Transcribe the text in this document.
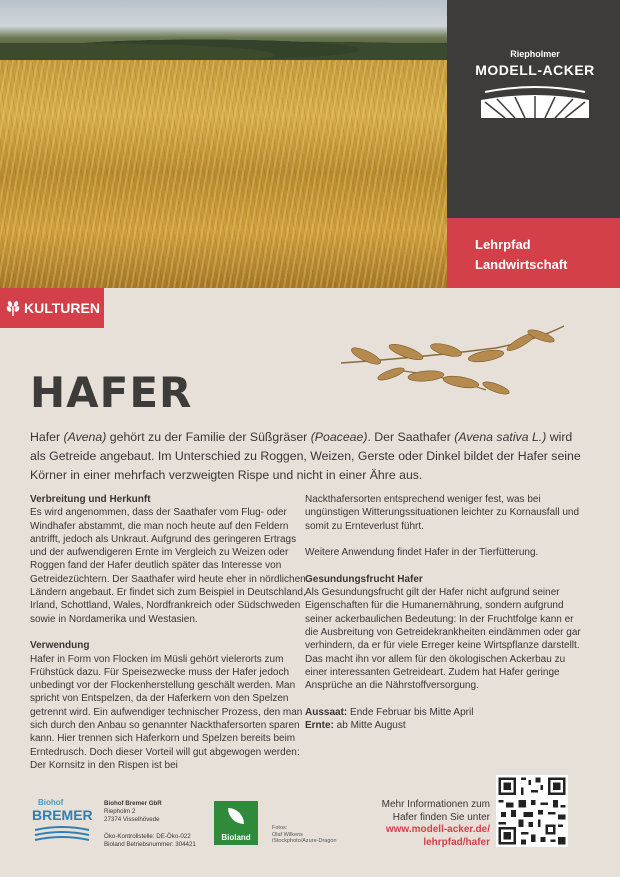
Riepholmer
MODELL-ACKER
Lehrpfad
Landwirtschaft
KULTUREN
HAFER
Hafer (Avena) gehört zu der Familie der Süßgräser (Poaceae). Der Saathafer (Avena sativa L.) wird als Getreide angebaut. Im Unterschied zu Roggen, Weizen, Gerste oder Dinkel bildet der Hafer seine Körner in einer mehrfach verzweigten Rispe und nicht in einer Ähre aus.
Verbreitung und Herkunft

Es wird angenommen, dass der Saathafer vom Flug- oder Windhafer abstammt, die man noch heute auf den Feldern antrifft, jedoch als Unkraut. Aufgrund des geringeren Ertrags und der aufwendigeren Ernte im Vergleich zu Weizen oder Roggen fand der Hafer deutlich später das Interesse von Getreidezüchtern. Der Saathafer wird heute eher in nördlichen Ländern angebaut. Er findet sich zum Beispiel in Deutschland, Irland, Schottland, Wales, Nordfrankreich oder Südschweden sowie in Nordamerika und Westasien.

Verwendung

Hafer in Form von Flocken im Müsli gehört vielerorts zum Frühstück dazu. Für Speisezwecke muss der Hafer jedoch unbedingt vor der Flockenherstellung geschält werden. Man spricht von Entspelzen, da der Haferkern von den Spelzen getrennt wird. Ein aufwendiger technischer Prozess, den man sich durch den Anbau so genannter Nackthafersorten sparen kann. Hier trennen sich Haferkorn und Spelzen bereits beim Erntedrusch. Doch dieser Vorteil will gut abgewogen werden: Der Kornsitz in den Rispen ist bei

Nackthafersorten entsprechend weniger fest, was bei ungünstigen Witterungssituationen leichter zu Kornausfall und somit zu Ernteverlust führt.

Weitere Anwendung findet Hafer in der Tierfütterung.

Gesundungsfrucht Hafer

Als Gesundungsfrucht gilt der Hafer nicht aufgrund seiner Eigenschaften für die Humanernährung, sondern aufgrund seiner ackerbaulichen Bedeutung: In der Fruchtfolge kann er die Ausbreitung von Getreidekrankheiten eindämmen oder gar verhindern, da er für viele Erreger keine Wirtspflanze darstellt. Das macht ihn vor allem für den ökologischen Ackerbau zu einer interessanten Getreideart. Zudem hat Hafer geringe Ansprüche an die Nährstoffversorgung.

Aussaat: Ende Februar bis Mitte April
Ernte: ab Mitte August
Biohof
BREMER
Biohof Bremer GbR
Riepholm 2
27374 Visselhövede
Öko-Kontrollstelle: DE-Öko-022
Bioland Betriebsnummer: 304421
Bioland
Fotos:
Olaf Wilkens
iStockphoto/Azure-Dragon
Mehr Informationen zum
Hafer finden Sie unter
www.modell-acker.de/
lehrpfad/hafer
